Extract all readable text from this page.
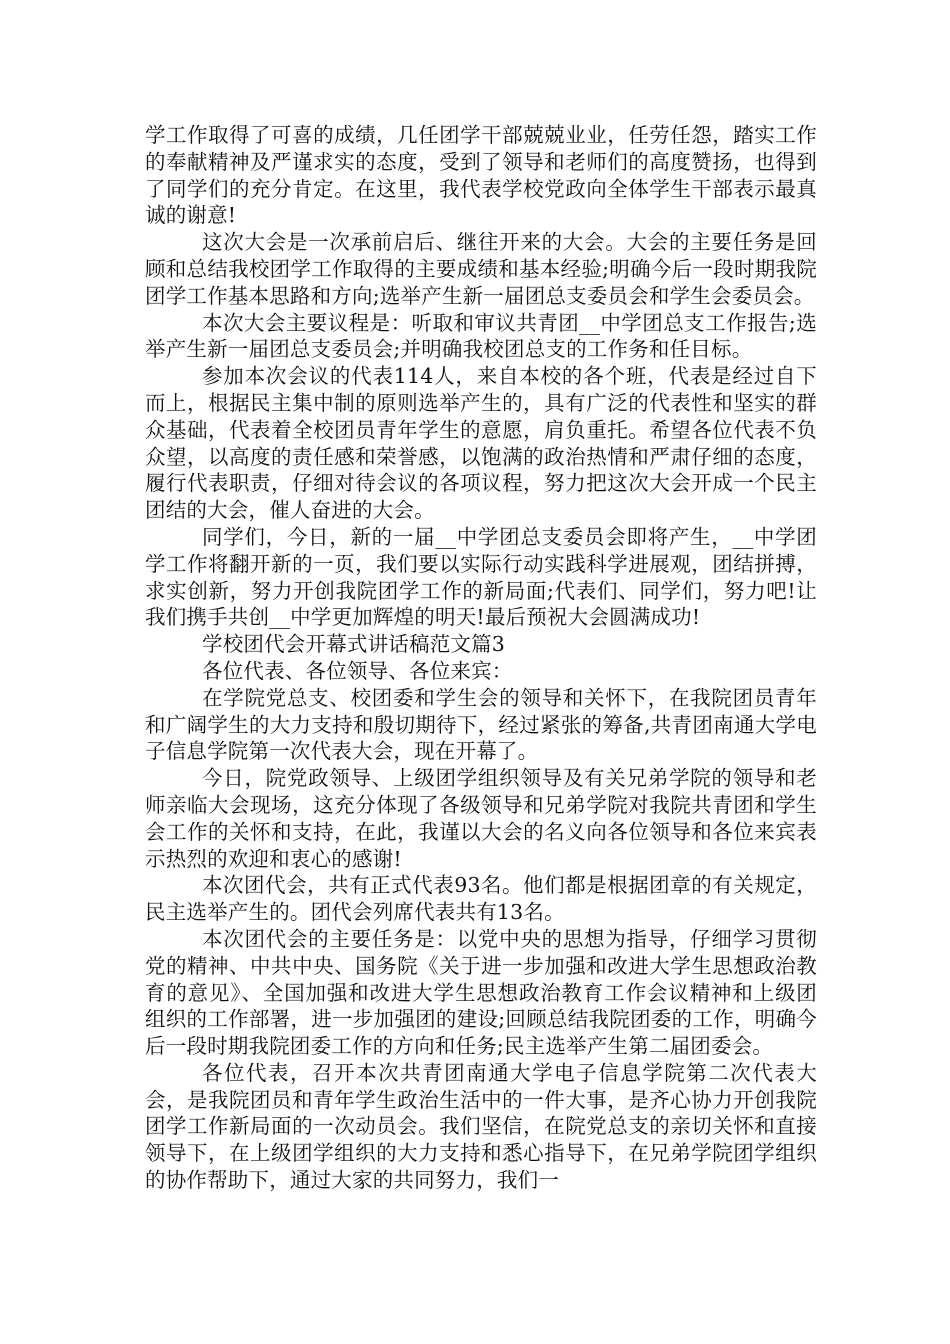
学工作取得了可喜的成绩，几任团学干部兢兢业业，任劳任怨，踏实工作的奉献精神及严谨求实的态度，受到了领导和老师们的高度赞扬，也得到了同学们的充分肯定。在这里，我代表学校党政向全体学生干部表示最真诚的谢意!

这次大会是一次承前启后、继往开来的大会。大会的主要任务是回顾和总结我校团学工作取得的主要成绩和基本经验;明确今后一段时期我院团学工作基本思路和方向;选举产生新一届团总支委员会和学生会委员会。

本次大会主要议程是：听取和审议共青团__中学团总支工作报告;选举产生新一届团总支委员会;并明确我校团总支的工作务和任目标。

参加本次会议的代表114人，来自本校的各个班，代表是经过自下而上，根据民主集中制的原则选举产生的，具有广泛的代表性和坚实的群众基础，代表着全校团员青年学生的意愿，肩负重托。希望各位代表不负众望，以高度的责任感和荣誉感，以饱满的政治热情和严肃仔细的态度，履行代表职责，仔细对待会议的各项议程，努力把这次大会开成一个民主团结的大会，催人奋进的大会。

同学们，今日，新的一届__中学团总支委员会即将产生，__中学团学工作将翻开新的一页，我们要以实际行动实践科学进展观，团结拼搏，求实创新，努力开创我院团学工作的新局面;代表们、同学们，努力吧!让我们携手共创__中学更加辉煌的明天!最后预祝大会圆满成功!

学校团代会开幕式讲话稿范文篇3

各位代表、各位领导、各位来宾：

在学院党总支、校团委和学生会的领导和关怀下，在我院团员青年和广阔学生的大力支持和殷切期待下，经过紧张的筹备,共青团南通大学电子信息学院第一次代表大会，现在开幕了。

今日，院党政领导、上级团学组织领导及有关兄弟学院的领导和老师亲临大会现场，这充分体现了各级领导和兄弟学院对我院共青团和学生会工作的关怀和支持，在此，我谨以大会的名义向各位领导和各位来宾表示热烈的欢迎和衷心的感谢!

本次团代会，共有正式代表93名。他们都是根据团章的有关规定，民主选举产生的。团代会列席代表共有13名。

本次团代会的主要任务是：以党中央的思想为指导，仔细学习贯彻党的精神、中共中央、国务院《关于进一步加强和改进大学生思想政治教育的意见》、全国加强和改进大学生思想政治教育工作会议精神和上级团组织的工作部署，进一步加强团的建设;回顾总结我院团委的工作，明确今后一段时期我院团委工作的方向和任务;民主选举产生第二届团委会。

各位代表，召开本次共青团南通大学电子信息学院第二次代表大会，是我院团员和青年学生政治生活中的一件大事，是齐心协力开创我院团学工作新局面的一次动员会。我们坚信，在院党总支的亲切关怀和直接领导下，在上级团学组织的大力支持和悉心指导下，在兄弟学院团学组织的协作帮助下，通过大家的共同努力，我们一
